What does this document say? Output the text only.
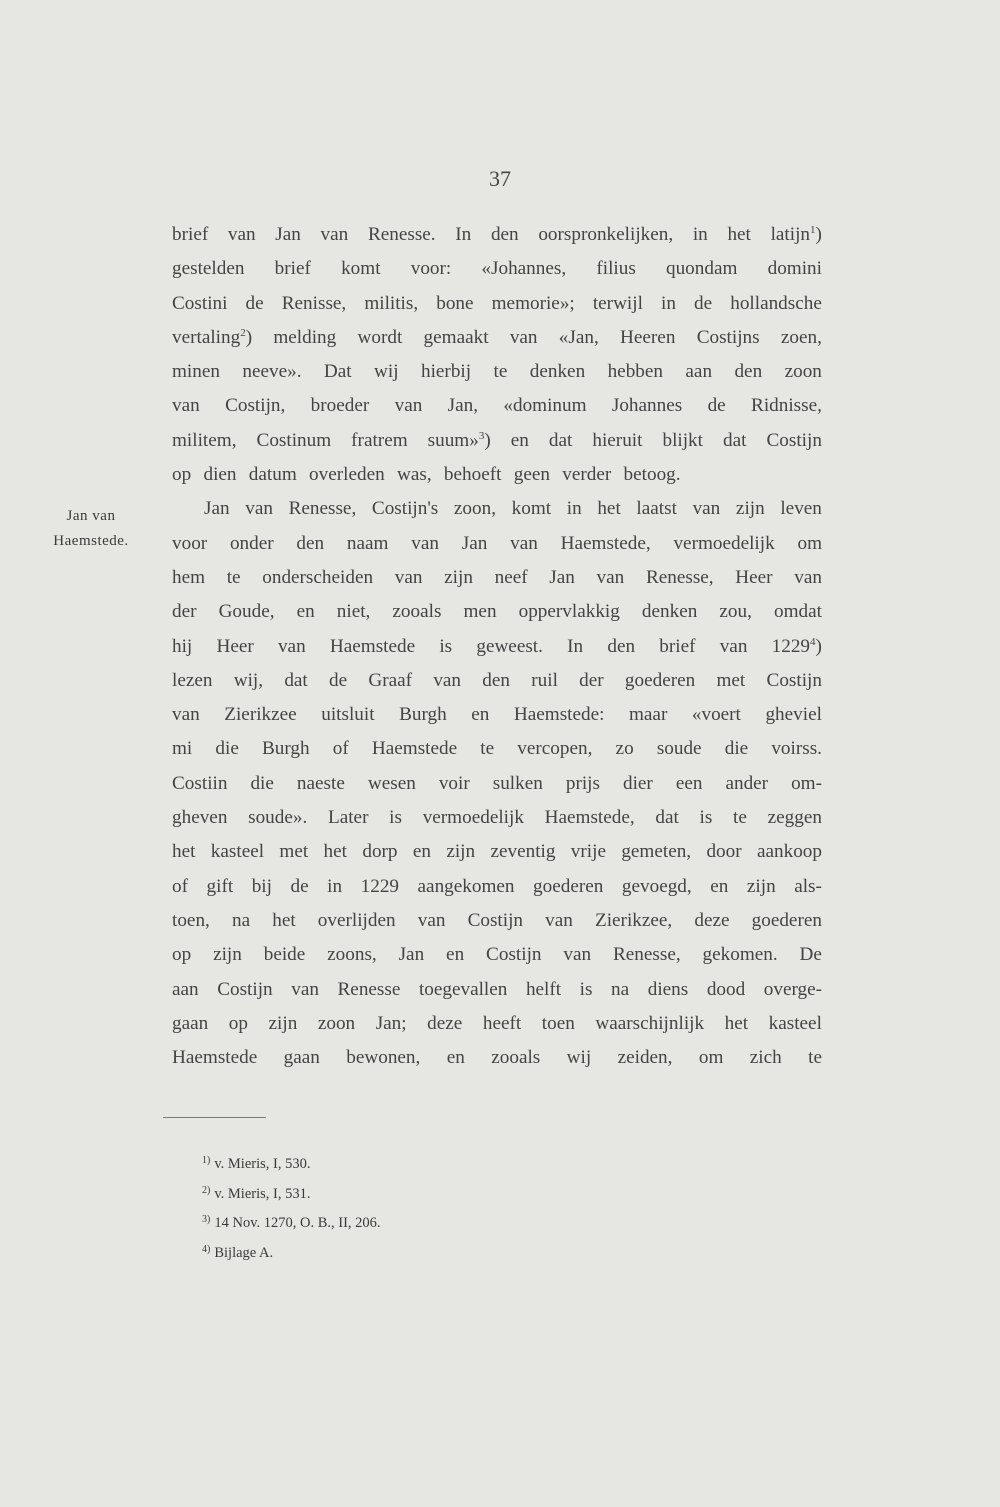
37
Jan van
Haemstede.
brief van Jan van Renesse. In den oorspronkelijken, in het latijn$^1$)
gestelden brief komt voor: «Johannes, filius quondam domini
Costini de Renisse, militis, bone memorie»; terwijl in de hollandsche
vertaling$^2$) melding wordt gemaakt van «Jan, Heeren Costijns zoen,
minen neeve». Dat wij hierbij te denken hebben aan den zoon
van Costijn, broeder van Jan, «dominum Johannes de Ridnisse,
militem, Costinum fratrem suum»$^3$) en dat hieruit blijkt dat Costijn
op dien datum overleden was, behoeft geen verder betoog.
Jan van Renesse, Costijn's zoon, komt in het laatst van zijn leven
voor onder den naam van Jan van Haemstede, vermoedelijk om
hem te onderscheiden van zijn neef Jan van Renesse, Heer van
der Goude, en niet, zooals men oppervlakkig denken zou, omdat
hij Heer van Haemstede is geweest. In den brief van 1229$^4$)
lezen wij, dat de Graaf van den ruil der goederen met Costijn
van Zierikzee uitsluit Burgh en Haemstede: maar «voert gheviel
mi die Burgh of Haemstede te vercopen, zo soude die voirss.
Costiin die naeste wesen voir sulken prijs dier een ander om-
gheven soude». Later is vermoedelijk Haemstede, dat is te zeggen
het kasteel met het dorp en zijn zeventig vrije gemeten, door aankoop
of gift bij de in 1229 aangekomen goederen gevoegd, en zijn als-
toen, na het overlijden van Costijn van Zierikzee, deze goederen
op zijn beide zoons, Jan en Costijn van Renesse, gekomen. De
aan Costijn van Renesse toegevallen helft is na diens dood overge-
gaan op zijn zoon Jan; deze heeft toen waarschijnlijk het kasteel
Haemstede gaan bewonen, en zooals wij zeiden, om zich te
$^{1)}$ v. Mieris, I, 530.
$^{2)}$ v. Mieris, I, 531.
$^{3)}$ 14 Nov. 1270, O. B., II, 206.
$^{4)}$ Bijlage A.
